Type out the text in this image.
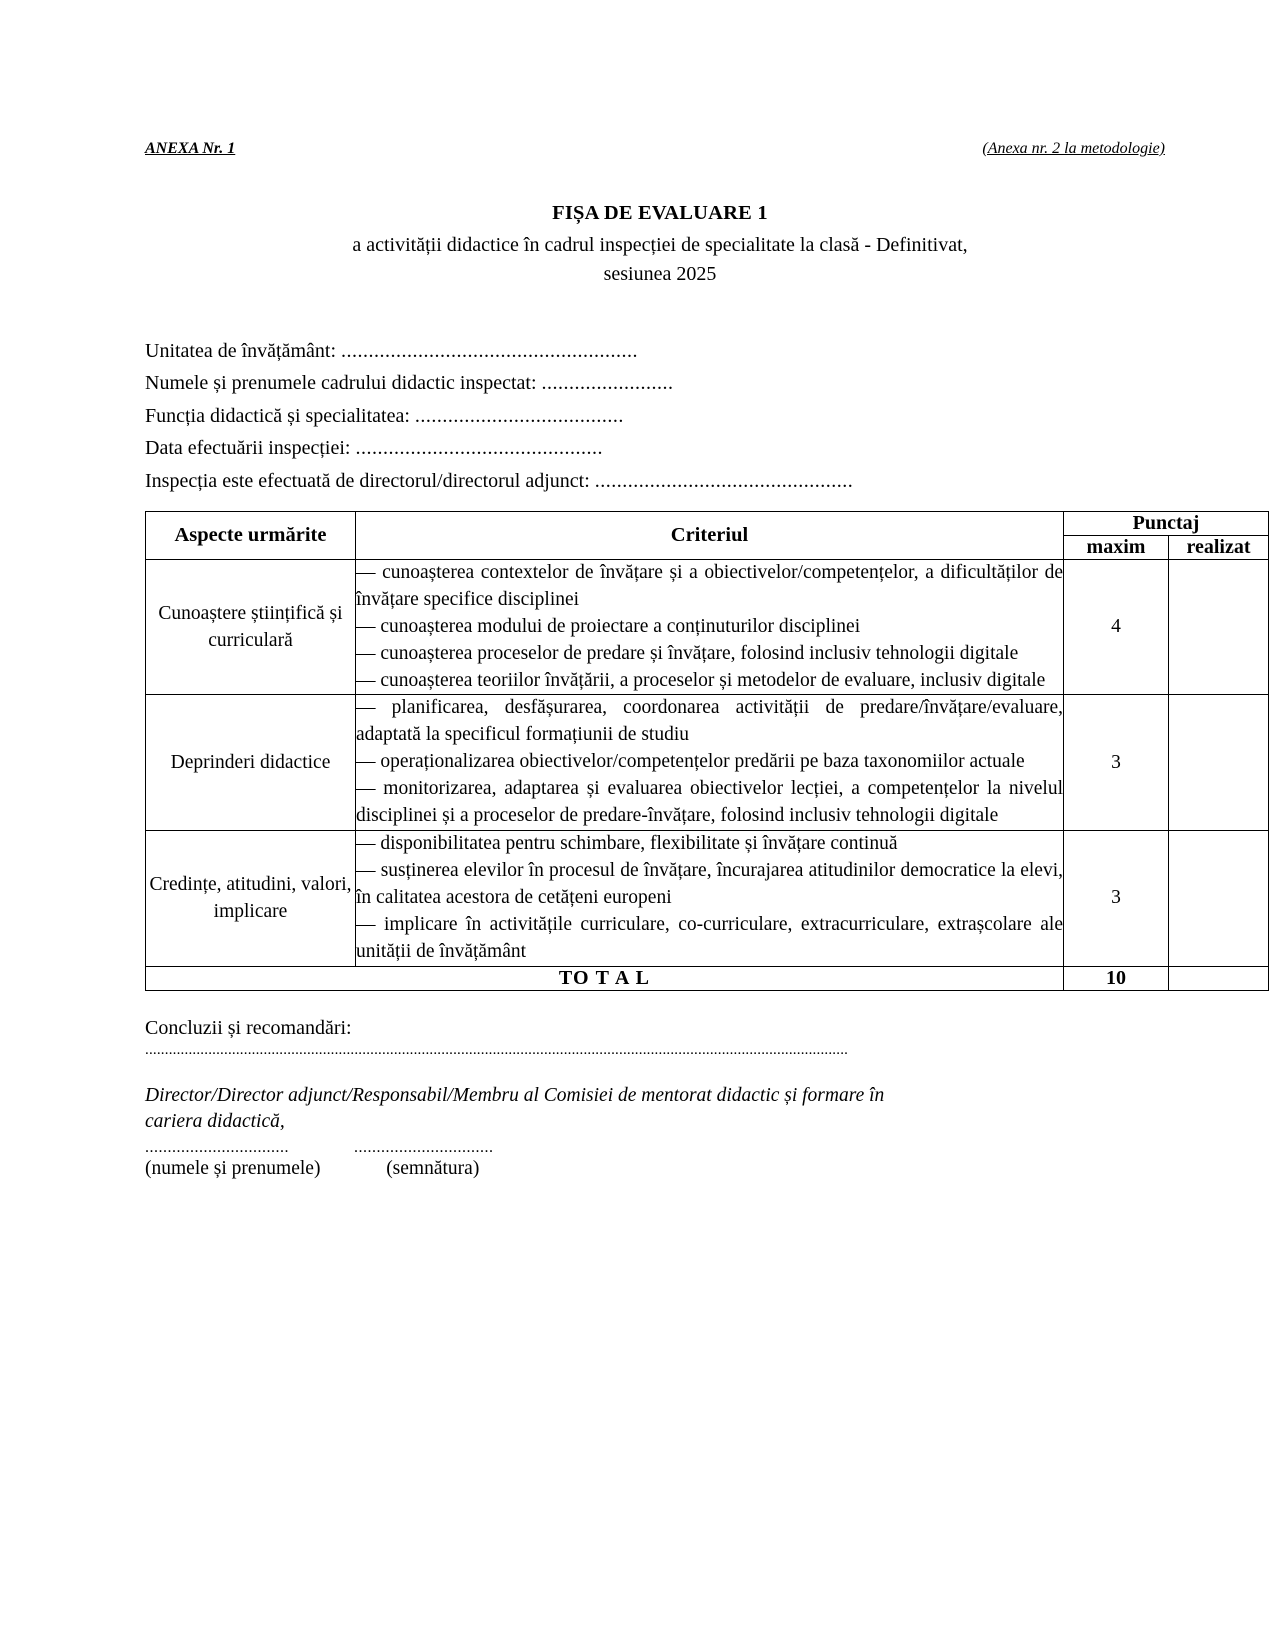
ANEXA Nr. 1	(Anexa nr. 2 la metodologie)
FIȘA DE EVALUARE 1
a activității didactice în cadrul inspecției de specialitate la clasă - Definitivat,
sesiunea 2025
Unitatea de învățământ: ......................................................
Numele și prenumele cadrului didactic inspectat: ........................
Funcția didactică și specialitatea: ......................................
Data efectuării inspecției: .............................................
Inspecția este efectuată de directorul/directorul adjunct: ...............................................
Aspecte urmărite	Criteriul	Punctaj	
		maxim	realizat
Cunoaștere științifică și curriculară	— cunoașterea contextelor de învățare și a obiectivelor/competențelor, a dificultăților de învățare specifice disciplinei

— cunoașterea modului de proiectare a conținuturilor disciplinei

— cunoașterea proceselor de predare și învățare, folosind inclusiv tehnologii digitale

— cunoașterea teoriilor învățării, a proceselor și metodelor de evaluare, inclusiv digitale	4	
Deprinderi didactice	— planificarea, desfășurarea, coordonarea activității de predare/învățare/evaluare, adaptată la specificul formațiunii de studiu

— operaționalizarea obiectivelor/competențelor predării pe baza taxonomiilor actuale

— monitorizarea, adaptarea și evaluarea obiectivelor lecției, a competențelor la nivelul disciplinei și a proceselor de predare-învățare, folosind inclusiv tehnologii digitale	3	
Credințe, atitudini, valori, implicare	— disponibilitatea pentru schimbare, flexibilitate și învățare continuă

— susținerea elevilor în procesul de învățare, încurajarea atitudinilor democratice la elevi, în calitatea acestora de cetățeni europeni

— implicare în activitățile curriculare, co-curriculare, extracurriculare, extrașcolare ale unității de învățământ	3	
TO T A L		10	
Concluzii și recomandări:
..................................................................................................................................................................................
Director/Director adjunct/Responsabil/Membru al Comisiei de mentorat didactic și formare în
cariera didactică,
................................	...............................
(numele și prenumele)	(semnătura)
